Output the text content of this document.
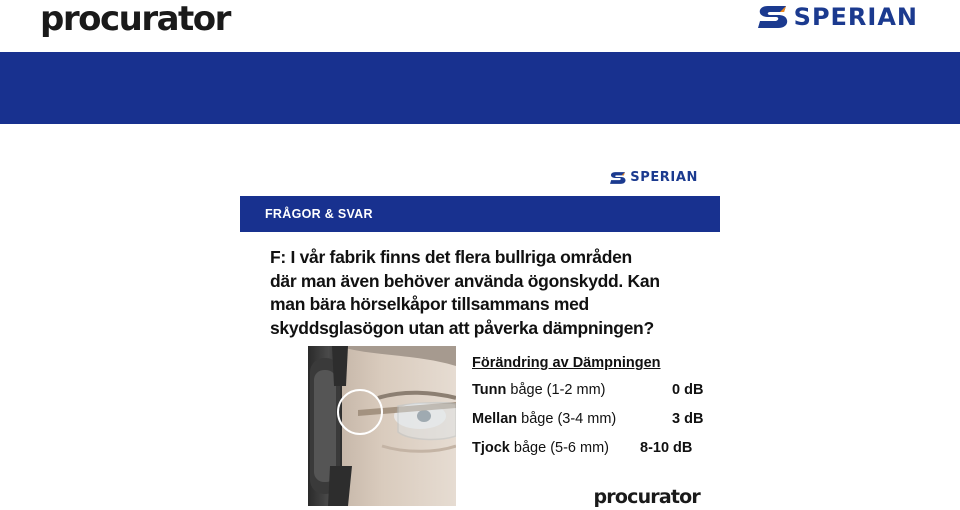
procurator	SPERIAN
SPERIAN
FRÅGOR & SVAR
F: I vår fabrik finns det flera bullriga områden
där man även behöver använda ögonskydd. Kan
man bära hörselkåpor tillsammans med
skyddsglasögon utan att påverka dämpningen?
Förändring av Dämpningen
Tunn båge (1-2 mm)	0 dB
Mellan båge (3-4 mm)	3 dB
Tjock båge (5-6 mm) 8-10 dB
procurator
